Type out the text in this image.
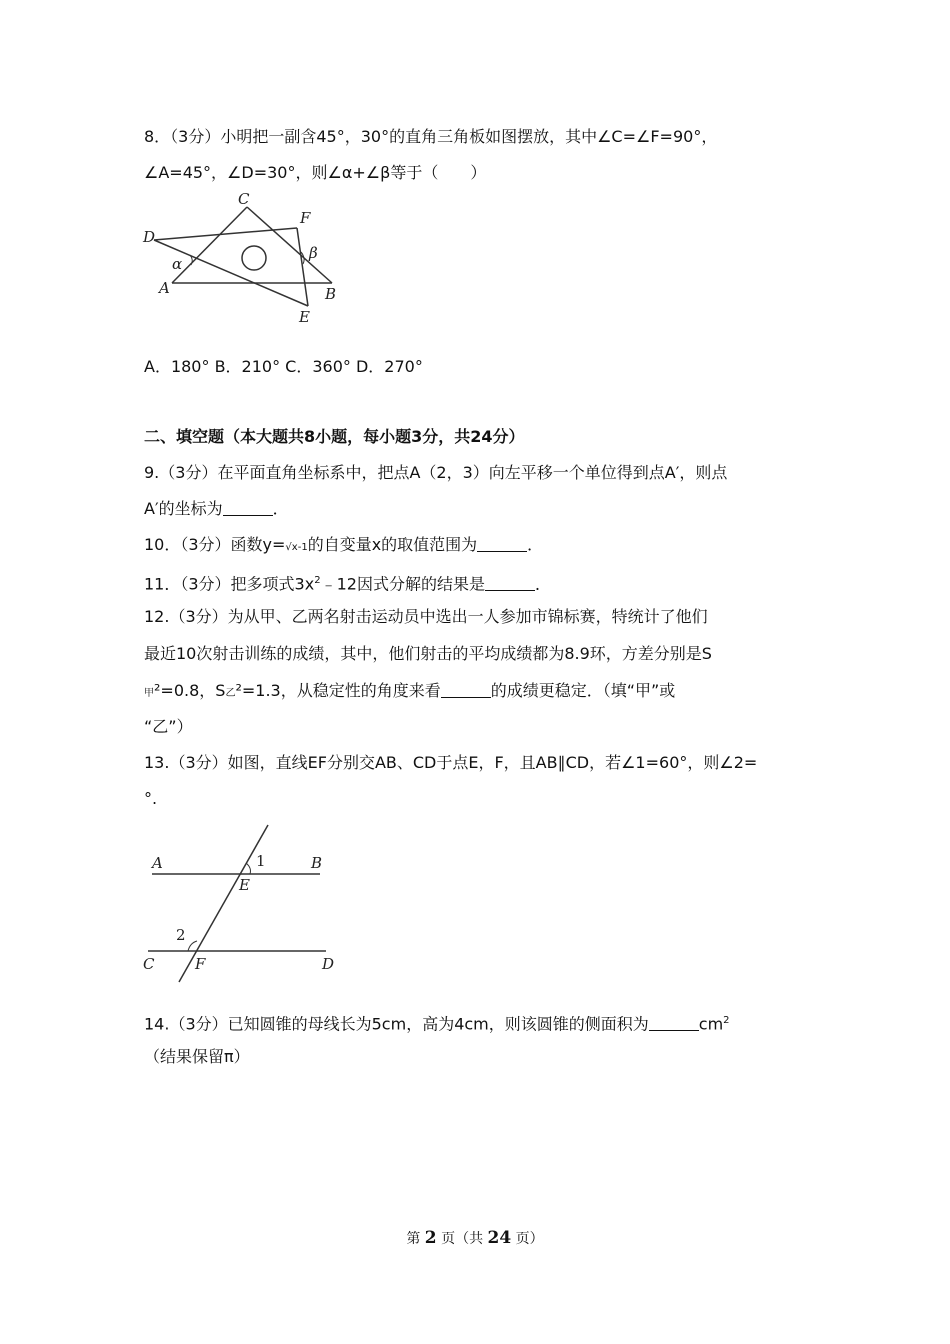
8．（3分）小明把一副含45°，30°的直角三角板如图摆放，其中∠C=∠F=90°，
∠A=45°，∠D=30°，则∠α+∠β等于（　　）
C
F
D
α
β
A	B
E
A．180° B．210° C．360° D．270°
二、填空题（本大题共8小题，每小题3分，共24分）
9.（3分）在平面直角坐标系中，把点A（2，3）向左平移一个单位得到点A′，则点
A′的坐标为	．
10．（3分）函数y=√x-1的自变量x的取值范围为	．
11．（3分）把多项式$3x^2﹣12$因式分解的结果是	．
12.（3分）为从甲、乙两名射击运动员中选出一人参加市锦标赛，特统计了他们
最近10次射击训练的成绩，其中，他们射击的平均成绩都为8.9环，方差分别是S
甲²=0.8，S乙²=1.3，从稳定性的角度来看	的成绩更稳定．（填“甲”或
“乙”）
13.（3分）如图，直线EF分别交AB、CD于点E，F，且AB∥CD，若∠1=60°，则∠2=
°.
A	1	B
E
2
C	F	D
14.（3分）已知圆锥的母线长为5cm，高为4cm，则该圆锥的侧面积为	$cm^2$
（结果保留π）
第 2 页（共 24 页）
